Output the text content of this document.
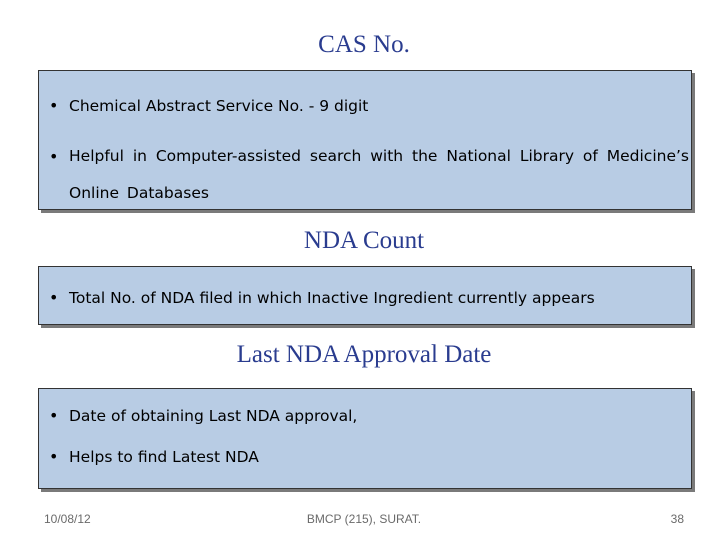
CAS No.
• Chemical Abstract Service No. - 9 digit
• Helpful in Computer-assisted search with the National Library of Medicine’s Online Databases
NDA Count
• Total No. of NDA filed in which Inactive Ingredient currently appears
Last NDA Approval Date
• Date of obtaining Last NDA approval,
• Helps to find Latest NDA
10/08/12	BMCP (215), SURAT.	38
